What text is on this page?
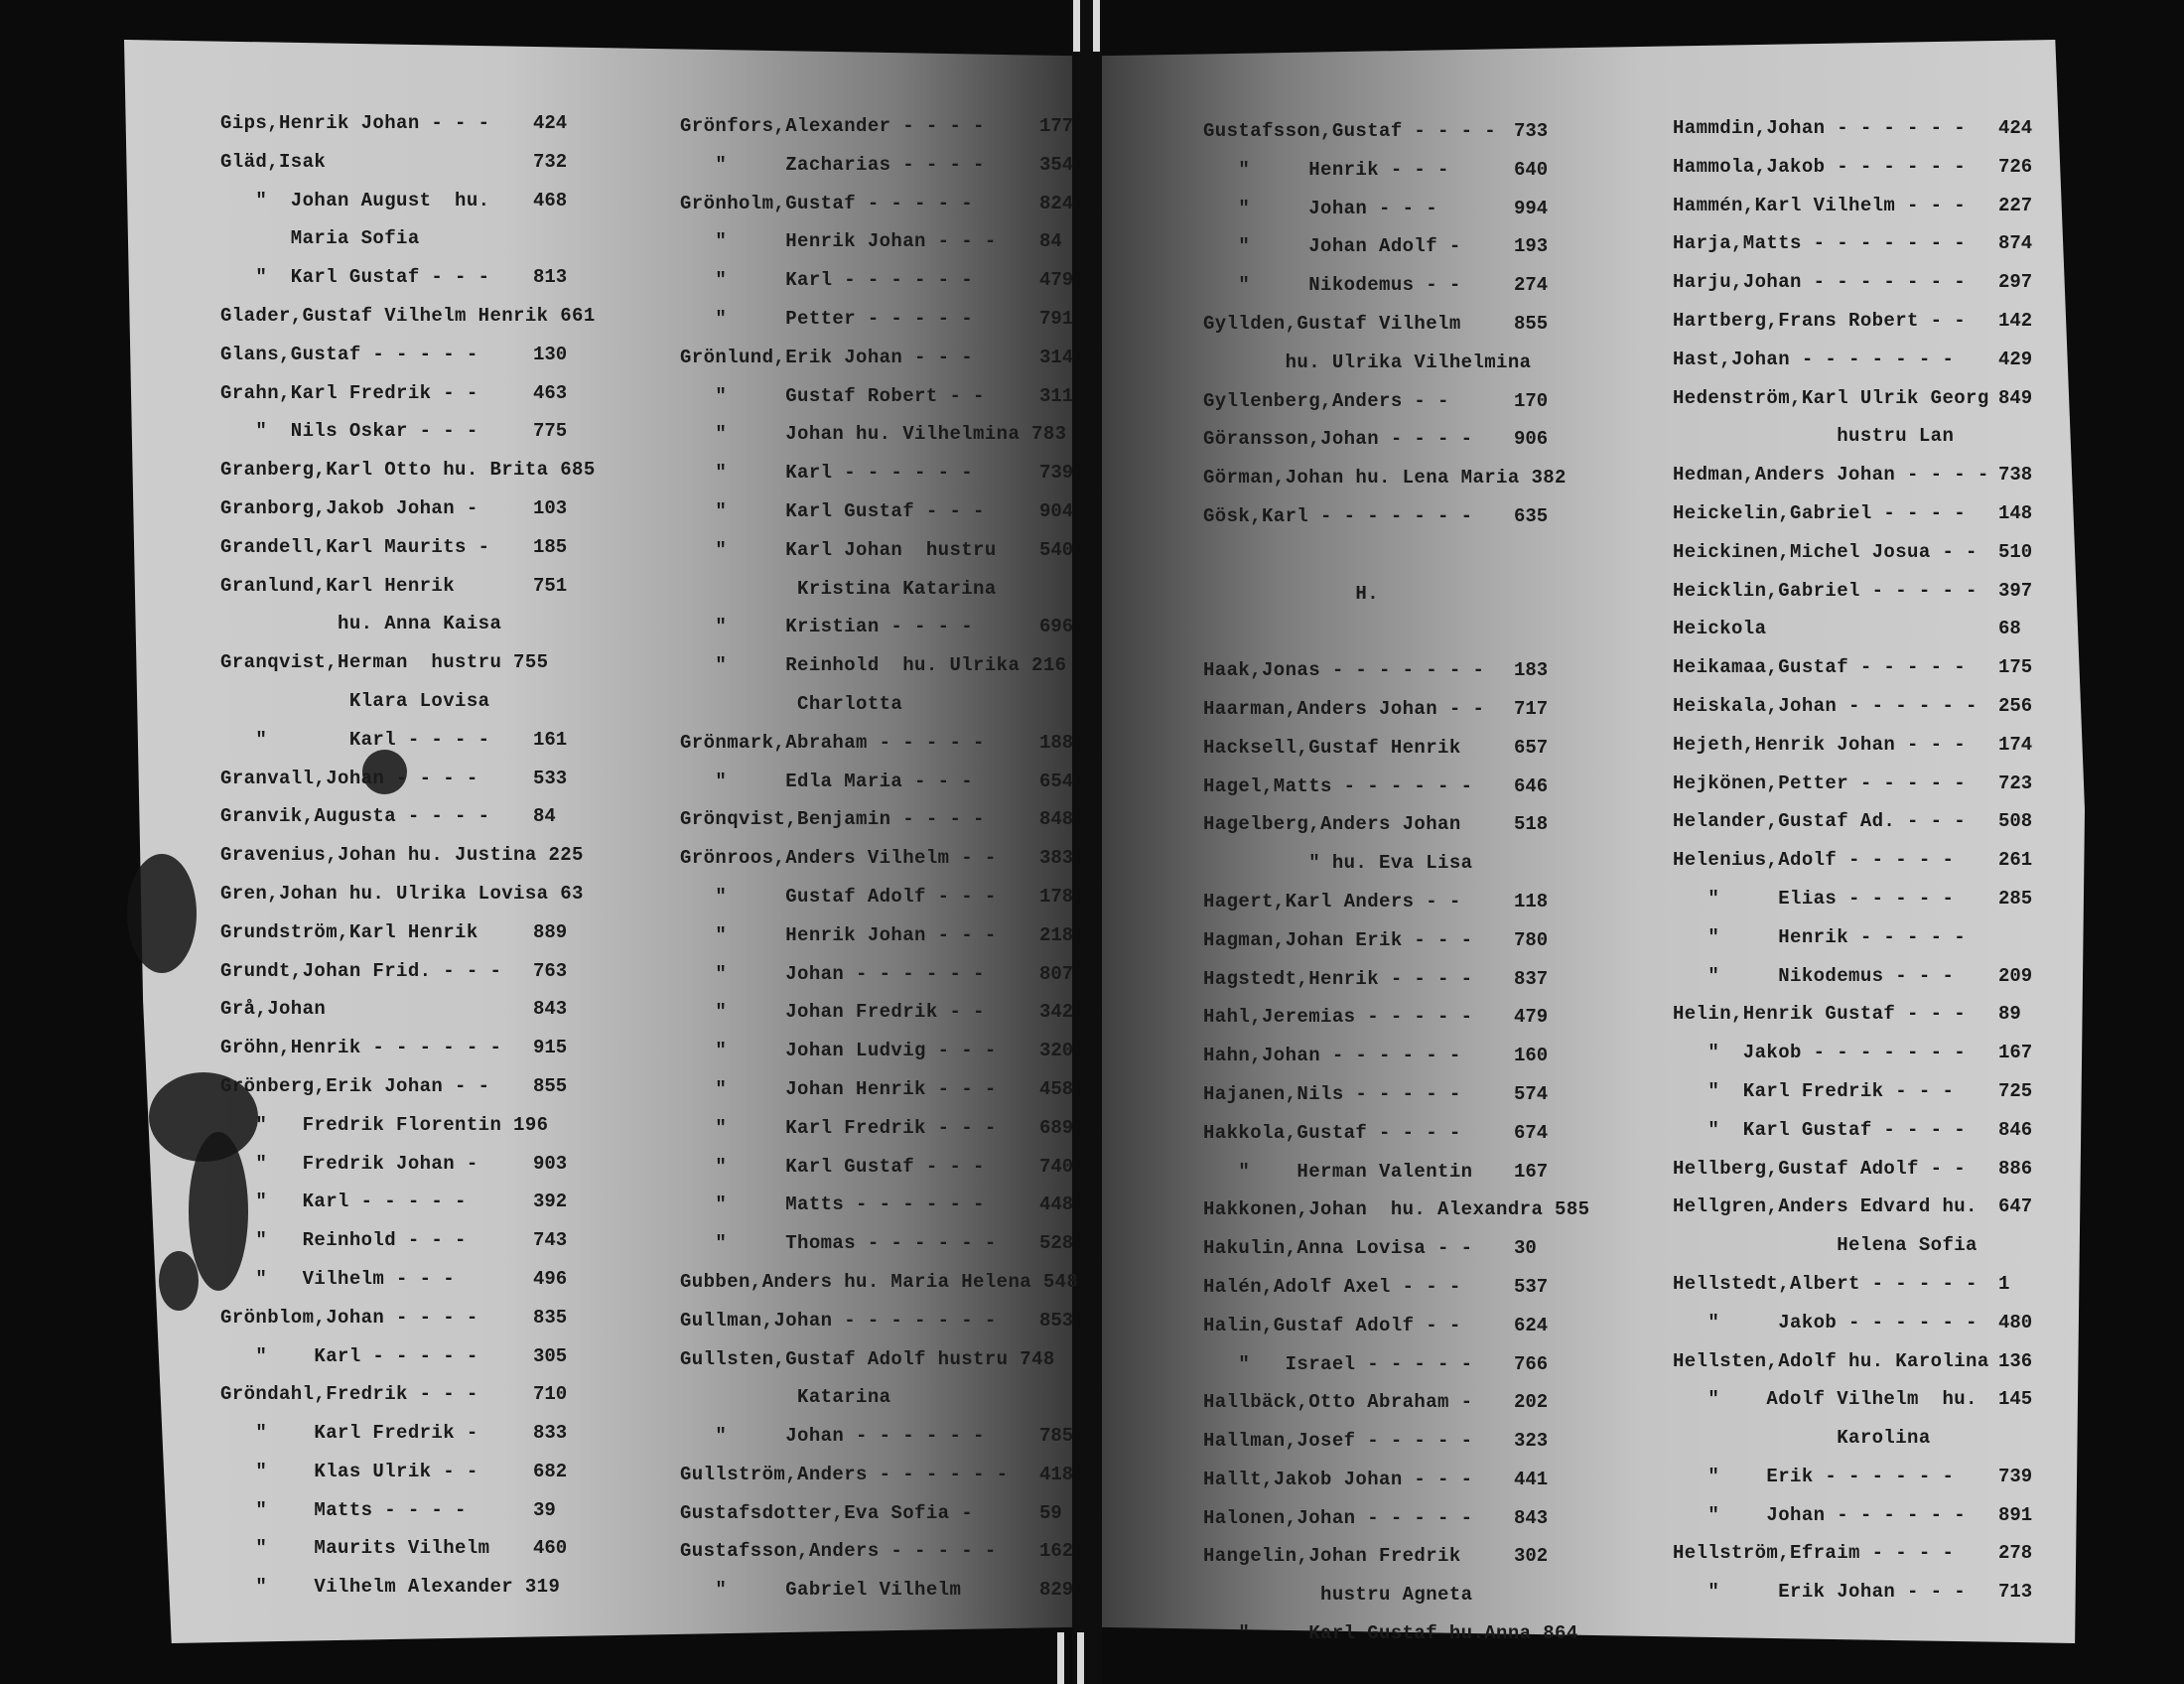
Gips,Henrik Johan - - - 424
Gläd,Isak	732
"  Johan August  hu. 468
Maria Sofia
"  Karl Gustaf - - - 813
Glader,Gustaf Vilhelm Henrik 661
Glans,Gustaf - - - - -	130
Grahn,Karl Fredrik - -	463
"  Nils Oskar - - -	775
Granberg,Karl Otto hu. Brita 685
Granborg,Jakob Johan -	103
Grandell,Karl Maurits - 185
Granlund,Karl Henrik	751
hu. Anna Kaisa
Granqvist,Herman  hustru 755
Klara Lovisa
"       Karl - - - - 161
Granvall,Johan - - - -	533
Granvik,Augusta - - - - 84
Gravenius,Johan hu. Justina 225
Gren,Johan hu. Ulrika Lovisa 63
Grundström,Karl Henrik	889
Grundt,Johan Frid. - - - 763
Grå,Johan	843
Gröhn,Henrik - - - - - - 915
Grönberg,Erik Johan - - 855
"   Fredrik Florentin 196
"   Fredrik Johan -	903
"   Karl - - - - -	392
"   Reinhold - - -	743
"   Vilhelm - - -	496
Grönblom,Johan - - - -	835
"    Karl - - - - -	305
Gröndahl,Fredrik - - -	710
"    Karl Fredrik -	833
"    Klas Ulrik - -	682
"    Matts - - - -	39
"    Maurits Vilhelm 460
"    Vilhelm Alexander 319
Grönfors,Alexander - - - -	177
"     Zacharias - - - -	354
Grönholm,Gustaf - - - - -	824
"     Henrik Johan - - - 84
"     Karl - - - - - -	479
"     Petter - - - - -	791
Grönlund,Erik Johan - - -	314
"     Gustaf Robert - -	311
"     Johan hu. Vilhelmina 783
"     Karl - - - - - -	739
"     Karl Gustaf - - -	904
"     Karl Johan  hustru 540
Kristina Katarina
"     Kristian - - - -	696
"     Reinhold  hu. Ulrika 216
Charlotta
Grönmark,Abraham - - - - -	188
"     Edla Maria - - -	654
Grönqvist,Benjamin - - - -	848
Grönroos,Anders Vilhelm - - 383
"     Gustaf Adolf - - - 178
"     Henrik Johan - - - 218
"     Johan - - - - - -	807
"     Johan Fredrik - -	342
"     Johan Ludvig - - - 320
"     Johan Henrik - - - 458
"     Karl Fredrik - - - 689
"     Karl Gustaf - - -	740
"     Matts - - - - - -	448
"     Thomas - - - - - - 528
Gubben,Anders hu. Maria Helena 548
Gullman,Johan - - - - - - - 853
Gullsten,Gustaf Adolf hustru 748
Katarina
"     Johan - - - - - -	785
Gullström,Anders - - - - - - 418
Gustafsdotter,Eva Sofia -	59
Gustafsson,Anders - - - - - 162
"     Gabriel Vilhelm	829
Gustafsson,Gustaf - - - - 733
"     Henrik - - -	640
"     Johan - - -	994
"     Johan Adolf -	193
"     Nikodemus - -	274
Gyllden,Gustaf Vilhelm	855
hu. Ulrika Vilhelmina
Gyllenberg,Anders - -	170
Göransson,Johan - - - - 906
Görman,Johan hu. Lena Maria 382
Gösk,Karl - - - - - - - 635
H.
Haak,Jonas - - - - - - - 183
Haarman,Anders Johan - - 717
Hacksell,Gustaf Henrik	657
Hagel,Matts - - - - - - 646
Hagelberg,Anders Johan	518
" hu. Eva Lisa
Hagert,Karl Anders - -	118
Hagman,Johan Erik - - - 780
Hagstedt,Henrik - - - - 837
Hahl,Jeremias - - - - - 479
Hahn,Johan - - - - - -	160
Hajanen,Nils - - - - -	574
Hakkola,Gustaf - - - -	674
"    Herman Valentin 167
Hakkonen,Johan  hu. Alexandra 585
Hakulin,Anna Lovisa - - 30
Halén,Adolf Axel - - -	537
Halin,Gustaf Adolf - -	624
"   Israel - - - - - 766
Hallbäck,Otto Abraham - 202
Hallman,Josef - - - - - 323
Hallt,Jakob Johan - - - 441
Halonen,Johan - - - - - 843
Hangelin,Johan Fredrik	302
hustru Agneta
"     Karl Gustaf hu.Anna 864
Hammdin,Johan - - - - - - 424
Hammola,Jakob - - - - - - 726
Hammén,Karl Vilhelm - - - 227
Harja,Matts - - - - - - - 874
Harju,Johan - - - - - - - 297
Hartberg,Frans Robert - - 142
Hast,Johan - - - - - - - 429
Hedenström,Karl Ulrik Georg 849
hustru Lan
Hedman,Anders Johan - - - - 738
Heickelin,Gabriel - - - - 148
Heickinen,Michel Josua - - 510
Heicklin,Gabriel - - - - - 397
Heickola	68
Heikamaa,Gustaf - - - - - 175
Heiskala,Johan - - - - - - 256
Hejeth,Henrik Johan - - - 174
Hejkönen,Petter - - - - - 723
Helander,Gustaf Ad. - - - 508
Helenius,Adolf - - - - - 261
"     Elias - - - - - 285
"     Henrik - - - - -
"     Nikodemus - - - 209
Helin,Henrik Gustaf - - - 89
"  Jakob - - - - - - - 167
"  Karl Fredrik - - - 725
"  Karl Gustaf - - - - 846
Hellberg,Gustaf Adolf - - 886
Hellgren,Anders Edvard hu. 647
Helena Sofia
Hellstedt,Albert - - - - - 1
"     Jakob - - - - - - 480
Hellsten,Adolf hu. Karolina 136
"    Adolf Vilhelm  hu. 145
Karolina
"    Erik - - - - - - 739
"    Johan - - - - - - 891
Hellström,Efraim - - - - 278
"     Erik Johan - - - 713
